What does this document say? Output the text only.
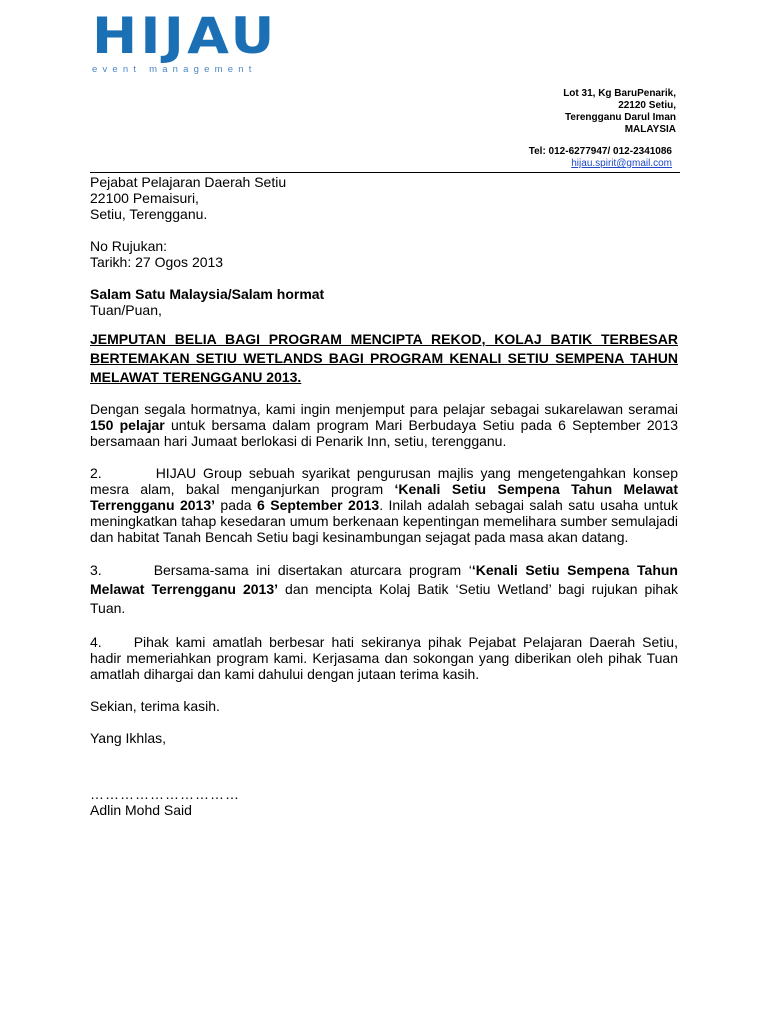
HIJAU
event management
Lot 31, Kg BaruPenarik,
22120 Setiu,
Terengganu Darul Iman
MALAYSIA
Tel: 012-6277947/ 012-2341086
hijau.spirit@gmail.com
Pejabat Pelajaran Daerah Setiu
22100 Pemaisuri,
Setiu, Terengganu.
No Rujukan:
Tarikh: 27 Ogos 2013
Salam Satu Malaysia/Salam hormat
Tuan/Puan,
JEMPUTAN BELIA BAGI PROGRAM MENCIPTA REKOD, KOLAJ BATIK TERBESAR
BERTEMAKAN SETIU WETLANDS BAGI PROGRAM KENALI SETIU SEMPENA TAHUN
MELAWAT TERENGGANU 2013.
Dengan segala hormatnya, kami ingin menjemput para pelajar sebagai sukarelawan seramai 150 pelajar untuk bersama dalam program Mari Berbudaya Setiu pada 6 September 2013 bersamaan hari Jumaat berlokasi di Penarik Inn, setiu, terengganu.
2.	HIJAU Group sebuah syarikat pengurusan majlis yang mengetengahkan konsep mesra alam, bakal menganjurkan program ‘Kenali Setiu Sempena Tahun Melawat Terrengganu 2013’ pada 6 September 2013. Inilah adalah sebagai salah satu usaha untuk meningkatkan tahap kesedaran umum berkenaan kepentingan memelihara sumber semulajadi dan habitat Tanah Bencah Setiu bagi kesinambungan sejagat pada masa akan datang.
3.	Bersama-sama ini disertakan aturcara program ‘‘Kenali Setiu Sempena Tahun Melawat Terrengganu 2013’ dan mencipta Kolaj Batik ‘Setiu Wetland’ bagi rujukan pihak Tuan.
4. Pihak kami amatlah berbesar hati sekiranya pihak Pejabat Pelajaran Daerah Setiu, hadir memeriahkan program kami. Kerjasama dan sokongan yang diberikan oleh pihak Tuan amatlah dihargai dan kami dahului dengan jutaan terima kasih.
Sekian, terima kasih.
Yang Ikhlas,
…………………………
Adlin Mohd Said
